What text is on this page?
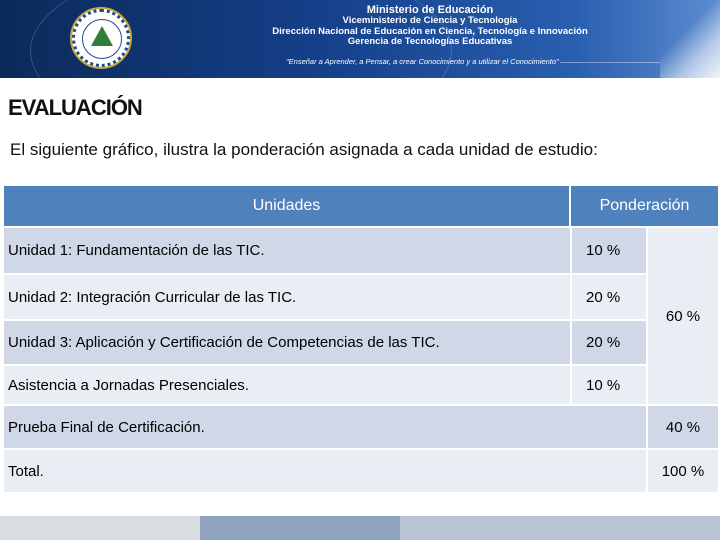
Ministerio de Educación
Viceministerio de Ciencia y Tecnología
Dirección Nacional de Educación en Ciencia, Tecnología e Innovación
Gerencia de Tecnologías Educativas
"Enseñar a Aprender, a Pensar, a crear Conocimiento y a utilizar el Conocimiento"
EVALUACIÓN
El siguiente gráfico, ilustra la ponderación asignada a cada unidad de estudio:
Unidades	Ponderación
Unidad 1: Fundamentación de las TIC.	10 %
Unidad 2: Integración Curricular de las TIC.	20 %
Unidad 3: Aplicación y Certificación de Competencias de las TIC.	20 %
Asistencia a Jornadas Presenciales.	10 %
60 %
Prueba Final de Certificación.	40 %
Total.	100 %
